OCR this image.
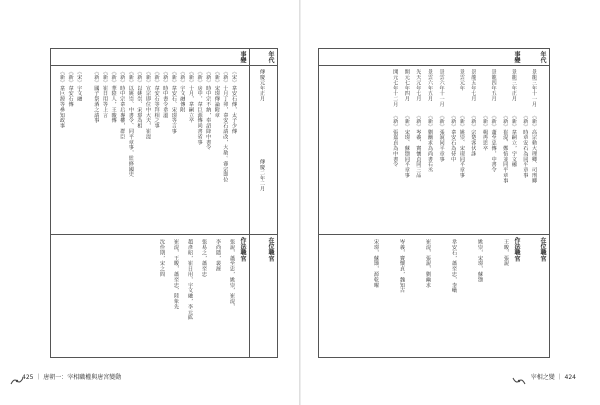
年代
事變
在位職官
作法職官
傳慶元年正月
傳慶二年二月
《宋》韋安石傳，太子少傳
《新》十月丁卯，韋安石請改，大赦。睿宗即位
《新》宋璟傳論附章
《新》時中宗不納，奉詔降中書令
《新》房中，韋巨源傳尚書省事
《新》十月，韋嗣立卒
《新》宇文融傳附
《新》韋安石、宋璟等言事
《新》時中書令韋溫
《新》韋安石等拜相之事
《新》宣宗即位中大夫，崔湜
《新》以姚崇、宋璟為相
《新》以姚崇、中書令、同平章事，監修國史
《新》時中宗韋后專權，群臣
《新》華陰人，王晙傳
《新》崔日用等上言
《新》國子祭酒之請事
《宋》宇文融
《新》韋安石傳
《新》韋巨源等參知政事
張說，蕭至忠，姚崇，崔湜，
李尚隱，裴漼
張易之，蕭至忠
趙彥昭，崔日用，宇文融，李元紘
崔湜，王晙，蕭至忠，陸象先
沈佺期，宋之問
425 ｜ 唐朝一：宰相職權與唐宮變動
年代
事變
在位職官
作法職官
景龍三年十一月
景龍三年正月
景龍四年五月
景龍五年七月
景雲元年
景雲六年十一月
景雲六年五月
先天元年七月
開元七年四月
開元七年十二月
《新》高宗勅大理卿、司刑卿
《新》時章安石為同平章事
《新》韋嗣立，宇文融
《新》崔湜、鄭愔並同平章事
《新》蕭至忠傳，中書令
《新》楊再思卒
《新》宗楚客伏誅
《新》姚崇、宋璟同平章事
《新》韋安石為侍中
《新》張說同平章事
《新》劉幽求為尚書右丞
《新》岑羲、竇懷貞同三品
《新》宋璟、蘇頲同平章事
《新》張嘉貞為中書令
王晙，張說
姚崇，宋璟，蘇頲
韋安石，蕭至忠，李嶠
崔湜，張說，劉幽求
岑羲，竇懷貞，魏知古
宋璟，蘇頲，源乾曜
宰相之變 ｜ 424
